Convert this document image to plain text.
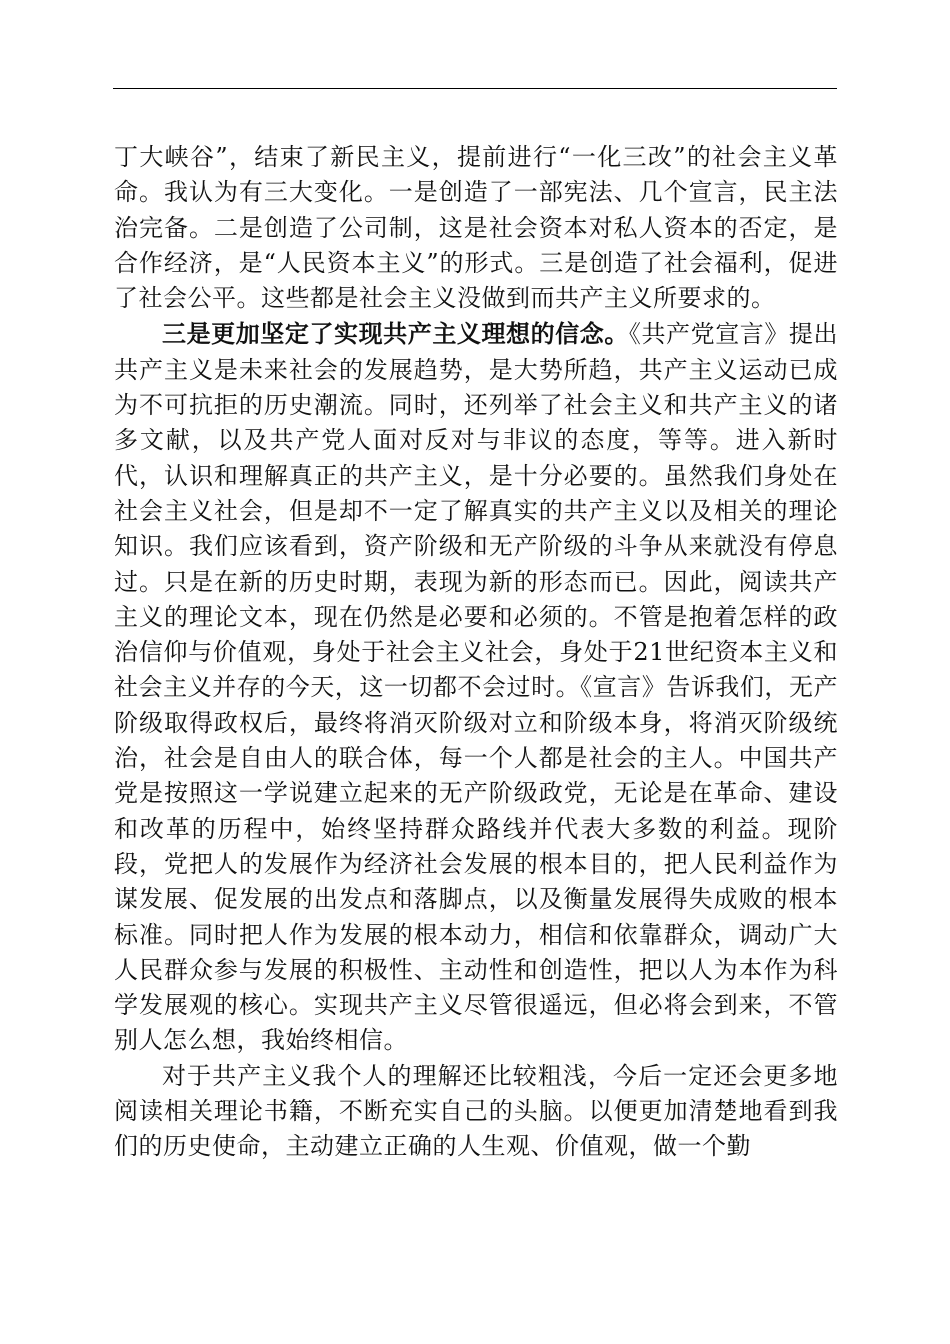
丁大峡谷”，结束了新民主义，提前进行“一化三改”的社会主义革命。我认为有三大变化。一是创造了一部宪法、几个宣言，民主法治完备。二是创造了公司制，这是社会资本对私人资本的否定，是合作经济，是“人民资本主义”的形式。三是创造了社会福利，促进了社会公平。这些都是社会主义没做到而共产主义所要求的。

三是更加坚定了实现共产主义理想的信念。《共产党宣言》提出共产主义是未来社会的发展趋势，是大势所趋，共产主义运动已成为不可抗拒的历史潮流。同时，还列举了社会主义和共产主义的诸多文献，以及共产党人面对反对与非议的态度，等等。进入新时代，认识和理解真正的共产主义，是十分必要的。虽然我们身处在社会主义社会，但是却不一定了解真实的共产主义以及相关的理论知识。我们应该看到，资产阶级和无产阶级的斗争从来就没有停息过。只是在新的历史时期，表现为新的形态而已。因此，阅读共产主义的理论文本，现在仍然是必要和必须的。不管是抱着怎样的政治信仰与价值观，身处于社会主义社会，身处于21世纪资本主义和社会主义并存的今天，这一切都不会过时。《宣言》告诉我们，无产阶级取得政权后，最终将消灭阶级对立和阶级本身，将消灭阶级统治，社会是自由人的联合体，每一个人都是社会的主人。中国共产党是按照这一学说建立起来的无产阶级政党，无论是在革命、建设和改革的历程中，始终坚持群众路线并代表大多数的利益。现阶段，党把人的发展作为经济社会发展的根本目的，把人民利益作为谋发展、促发展的出发点和落脚点，以及衡量发展得失成败的根本标准。同时把人作为发展的根本动力，相信和依靠群众，调动广大人民群众参与发展的积极性、主动性和创造性，把以人为本作为科学发展观的核心。实现共产主义尽管很遥远，但必将会到来，不管别人怎么想，我始终相信。

对于共产主义我个人的理解还比较粗浅，今后一定还会更多地阅读相关理论书籍，不断充实自己的头脑。以便更加清楚地看到我们的历史使命，主动建立正确的人生观、价值观，做一个勤
